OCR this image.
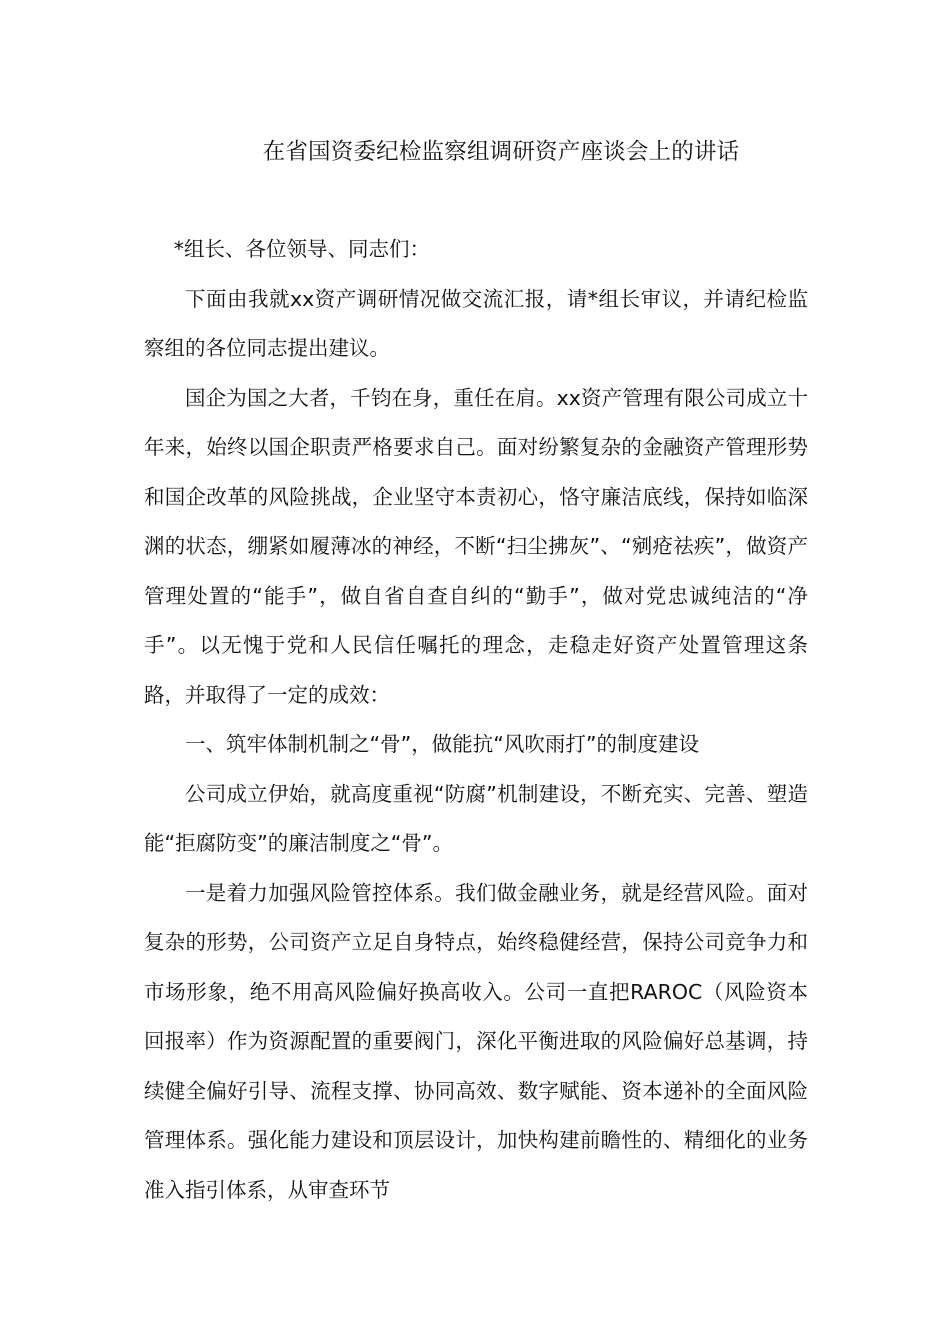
在省国资委纪检监察组调研资产座谈会上的讲话

*组长、各位领导、同志们：

下面由我就xx资产调研情况做交流汇报，请*组长审议，并请纪检监察组的各位同志提出建议。

国企为国之大者，千钧在身，重任在肩。xx资产管理有限公司成立十年来，始终以国企职责严格要求自己。面对纷繁复杂的金融资产管理形势和国企改革的风险挑战，企业坚守本责初心，恪守廉洁底线，保持如临深渊的状态，绷紧如履薄冰的神经，不断“扫尘拂灰”、“剜疮祛疾”，做资产管理处置的“能手”，做自省自查自纠的“勤手”，做对党忠诚纯洁的“净手”。以无愧于党和人民信任嘱托的理念，走稳走好资产处置管理这条路，并取得了一定的成效：

一、筑牢体制机制之“骨”，做能抗“风吹雨打”的制度建设

公司成立伊始，就高度重视“防腐”机制建设，不断充实、完善、塑造能“拒腐防变”的廉洁制度之“骨”。

一是着力加强风险管控体系。我们做金融业务，就是经营风险。面对复杂的形势，公司资产立足自身特点，始终稳健经营，保持公司竞争力和市场形象，绝不用高风险偏好换高收入。公司一直把RAROC（风险资本回报率）作为资源配置的重要阀门，深化平衡进取的风险偏好总基调，持续健全偏好引导、流程支撑、协同高效、数字赋能、资本递补的全面风险管理体系。强化能力建设和顶层设计，加快构建前瞻性的、精细化的业务准入指引体系，从审查环节
